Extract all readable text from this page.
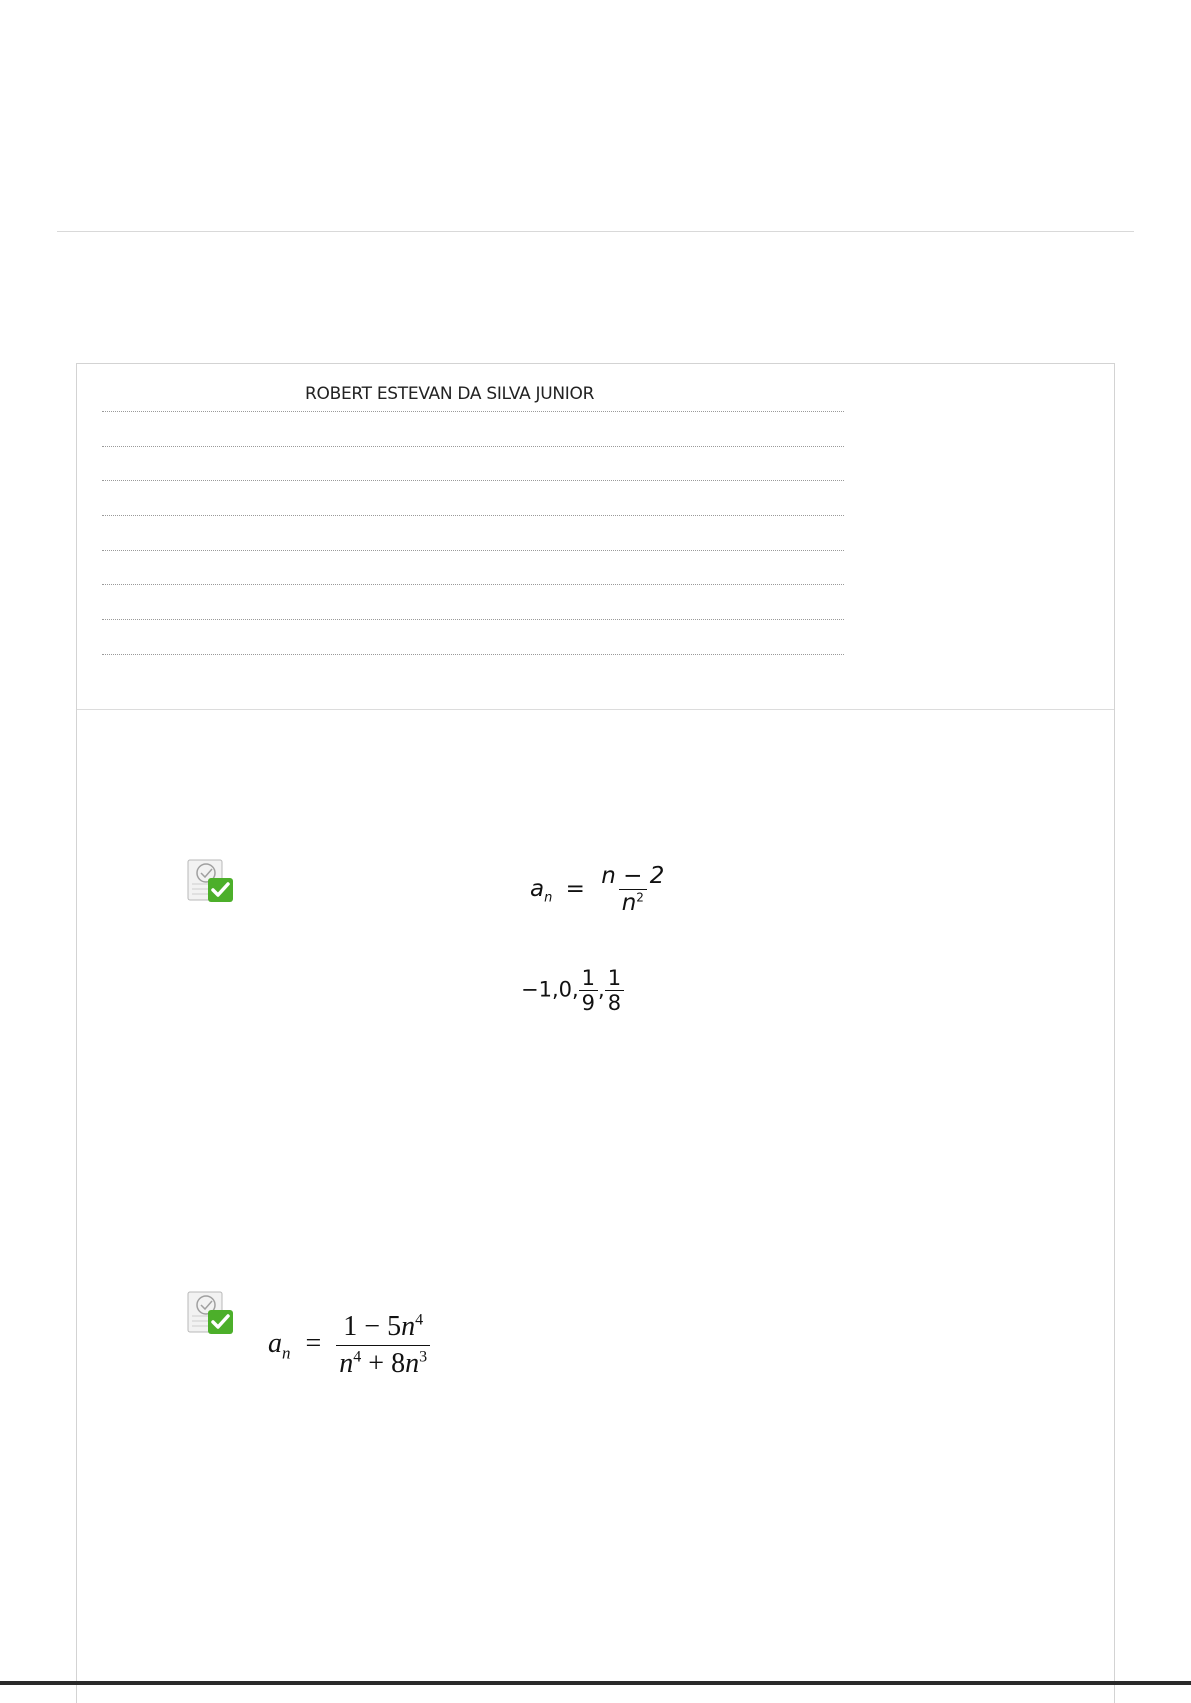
ROBERT ESTEVAN DA SILVA JUNIOR
$a_n = \frac{n - 2}{n^2}$
−1,0, $\frac{1}{9}$ , $\frac{1}{8}$
$a_n = \frac{1 - 5n^4}{n^4 + 8n^3}$
